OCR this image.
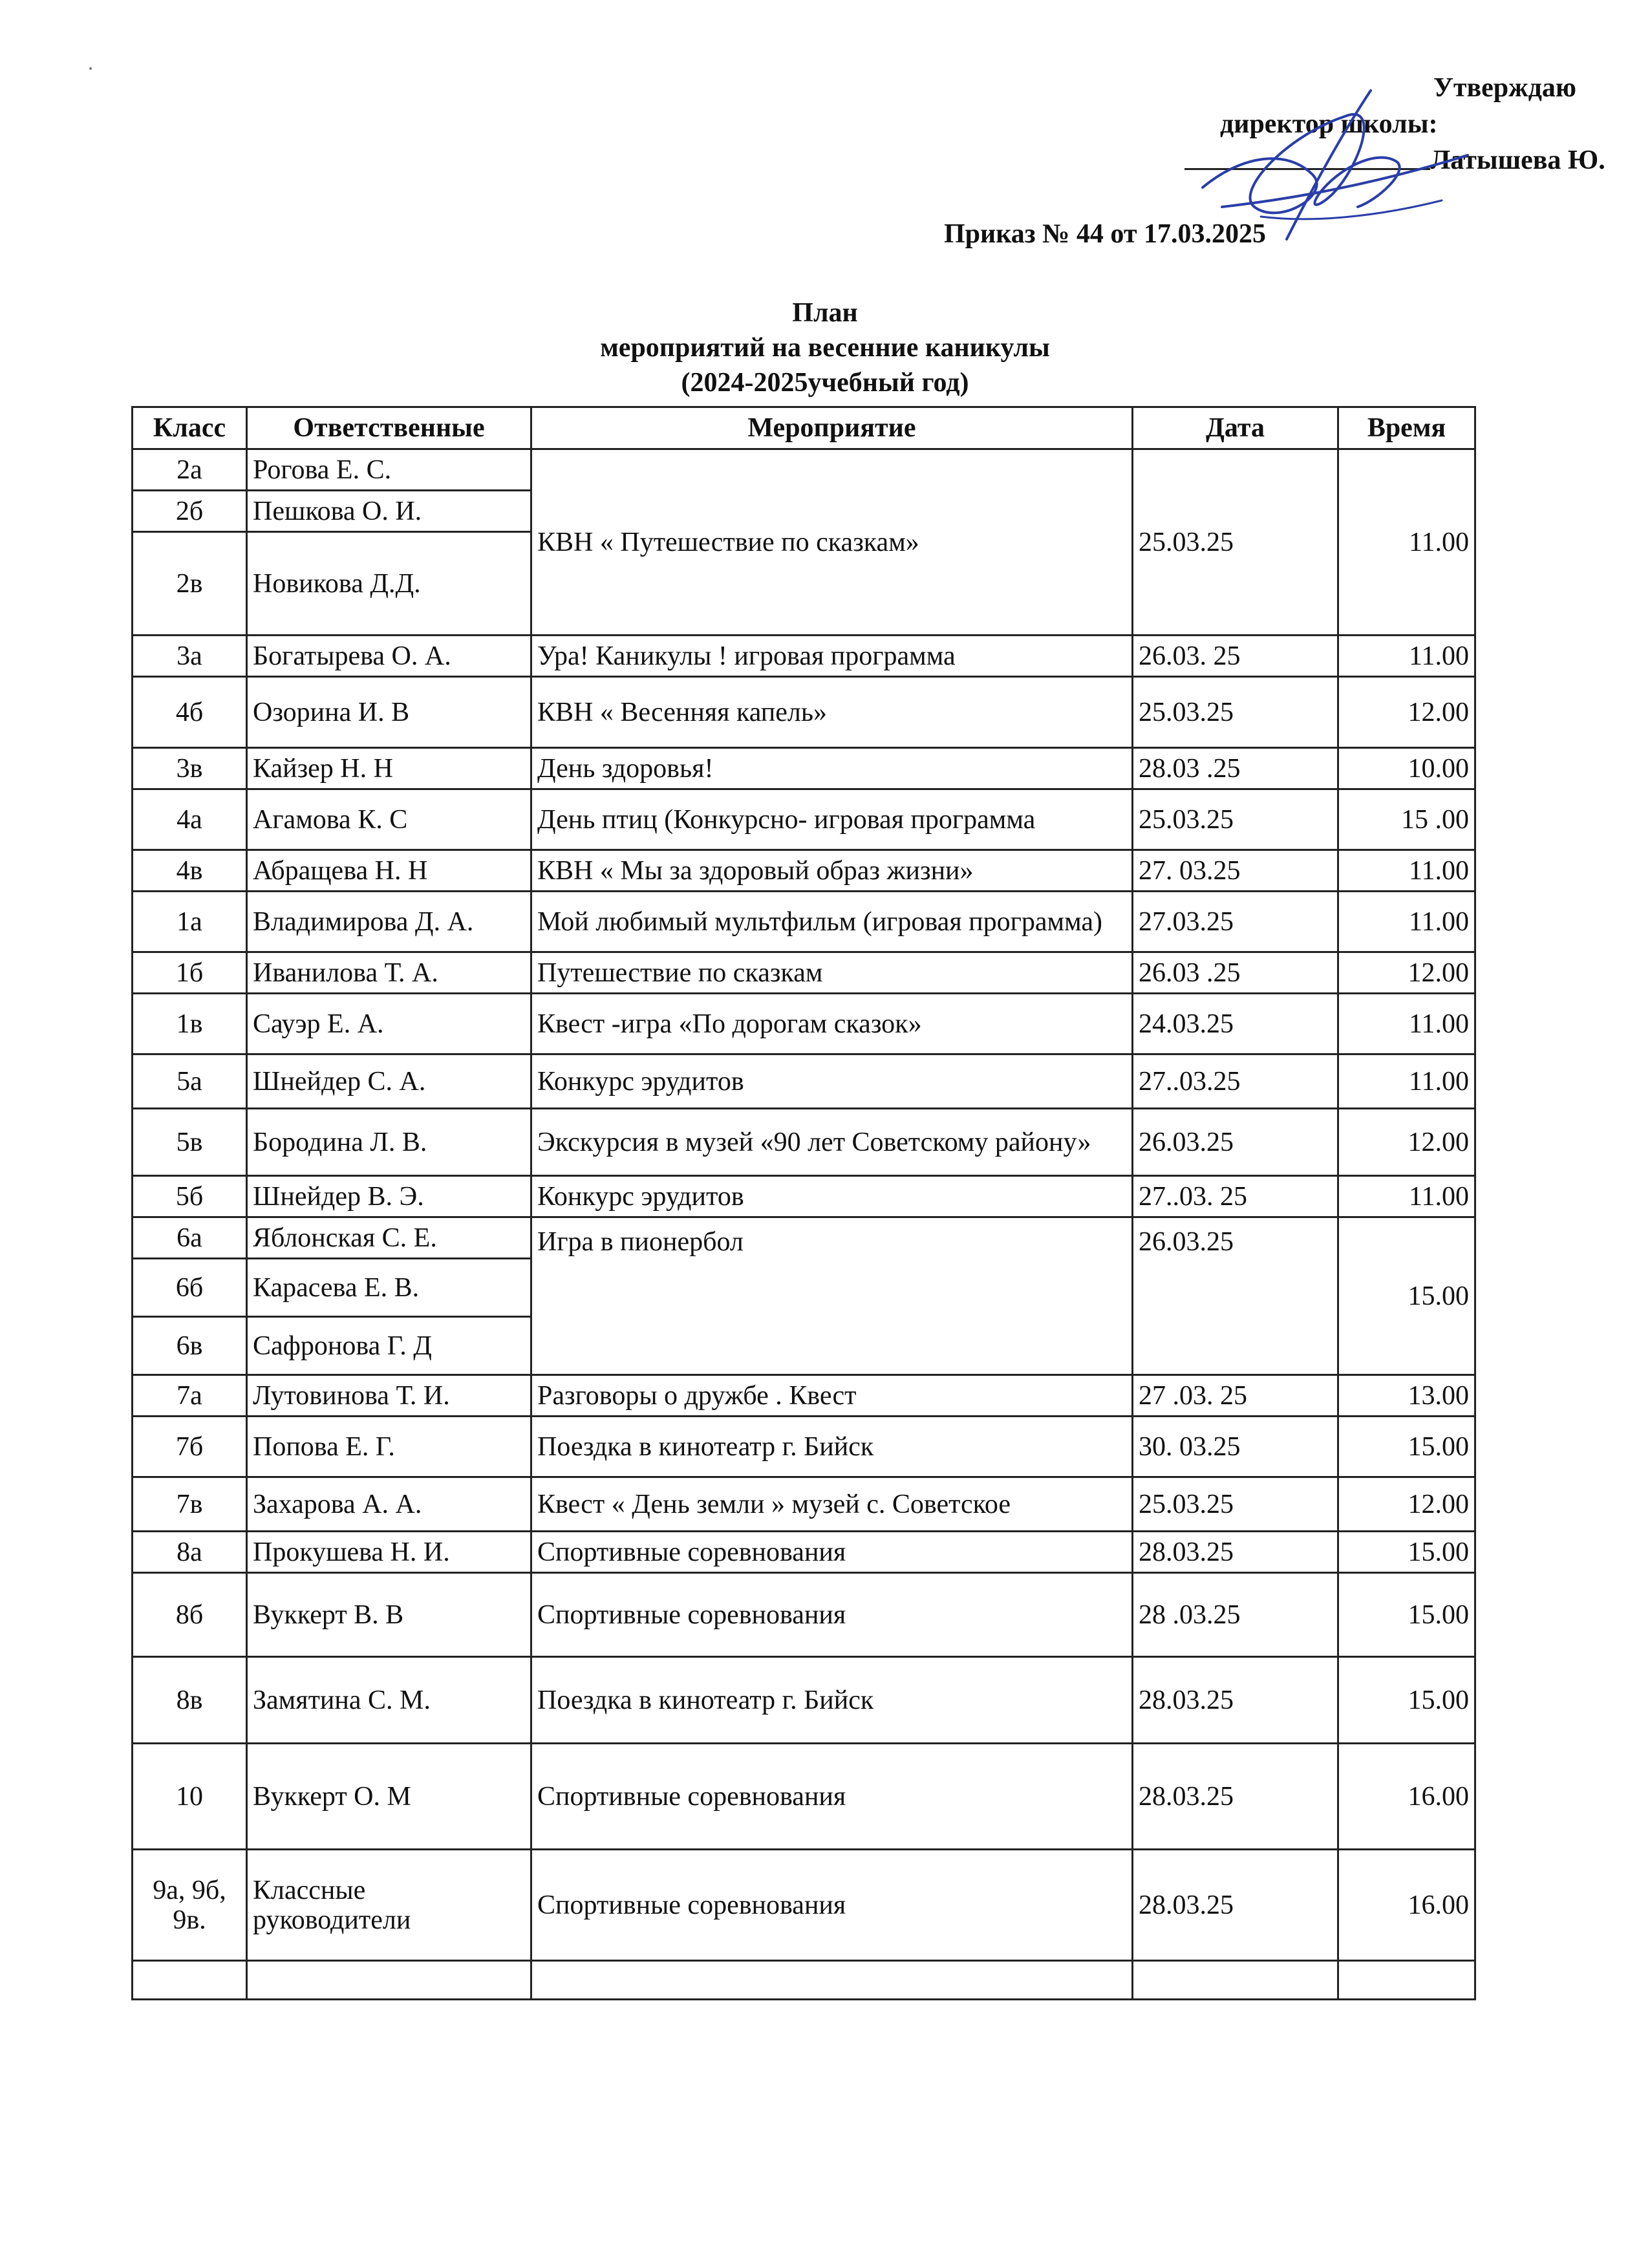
Утверждаю
директор школы:
Латышева Ю.
Приказ № 44 от 17.03.2025
План
мероприятий на весенние каникулы
(2024-2025учебный год)
Класс	Ответственные	Мероприятие	Дата	Время
2а	Рогова Е. С.	КВН « Путешествие по сказкам»	25.03.25	11.00
2б	Пешкова О. И.			
2в	Новикова Д.Д.			
3а	Богатырева О. А.	Ура! Каникулы ! игровая программа	26.03. 25	11.00
4б	Озорина И. В	КВН « Весенняя капель»	25.03.25	12.00
3в	Кайзер Н. Н	День здоровья!	28.03 .25	10.00
4а	Агамова К. С	День птиц (Конкурсно- игровая программа	25.03.25	15 .00
4в	Абращева Н. Н	КВН « Мы за здоровый образ жизни»	27. 03.25	11.00
1а	Владимирова Д. А.	Мой любимый мультфильм (игровая программа)	27.03.25	11.00
1б	Иванилова Т. А.	Путешествие по сказкам	26.03 .25	12.00
1в	Сауэр Е. А.	Квест -игра «По дорогам сказок»	24.03.25	11.00
5а	Шнейдер С. А.	Конкурс эрудитов	27..03.25	11.00
5в	Бородина Л. В.	Экскурсия в музей «90 лет Советскому району»	26.03.25	12.00
5б	Шнейдер В. Э.	Конкурс эрудитов	27..03. 25	11.00
6а	Яблонская С. Е.	Игра в пионербол	26.03.25	15.00
6б	Карасева Е. В.			
6в	Сафронова Г. Д			
7а	Лутовинова Т. И.	Разговоры о дружбе . Квест	27 .03. 25	13.00
7б	Попова Е. Г.	Поездка в кинотеатр г. Бийск	30. 03.25	15.00
7в	Захарова А. А.	Квест « День земли » музей с. Советское	25.03.25	12.00
8а	Прокушева Н. И.	Спортивные соревнования	28.03.25	15.00
8б	Вуккерт В. В	Спортивные соревнования	28 .03.25	15.00
8в	Замятина С. М.	Поездка в кинотеатр г. Бийск	28.03.25	15.00
10	Вуккерт О. М	Спортивные соревнования	28.03.25	16.00
9а, 9б, 9в.	Классные руководители	Спортивные соревнования	28.03.25	16.00
